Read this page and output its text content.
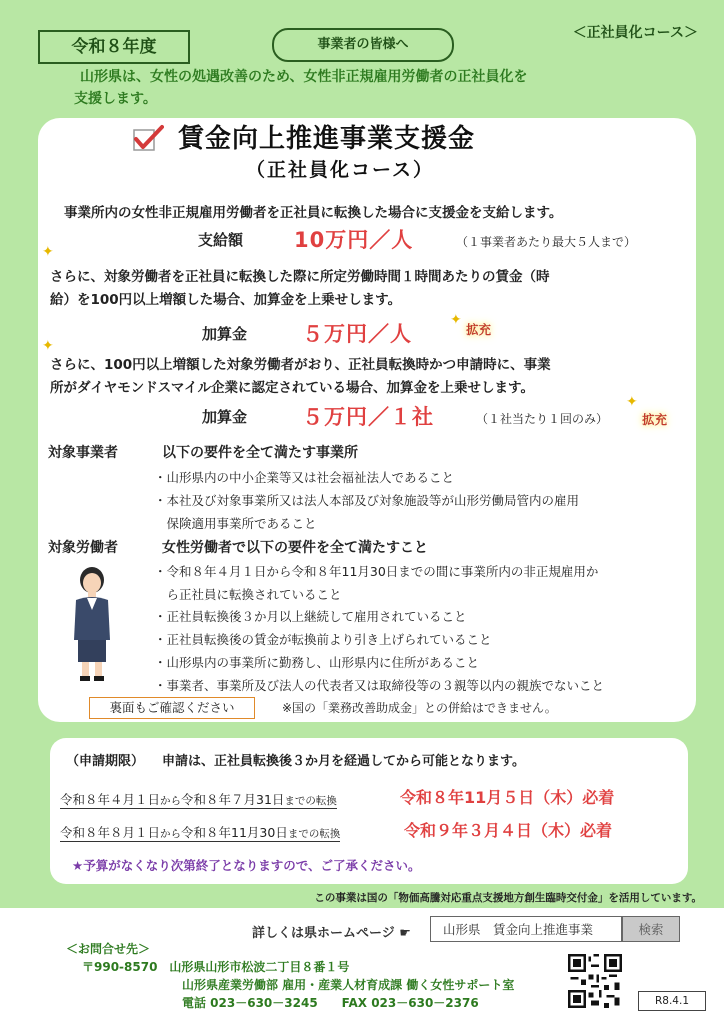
令和８年度	事業者の皆様へ
＜正社員化コース＞
山形県は、女性の処遇改善のため、女性非正規雇用労働者の正社員化を
支援します。
賃金向上推進事業支援金
（正社員化コース）
事業所内の女性非正規雇用労働者を正社員に転換した場合に支援金を支給します。
支給額 10万円／人	（１事業者あたり最大５人まで）
✦
さらに、対象労働者を正社員に転換した際に所定労働時間１時間あたりの賃金（時
給）を100円以上増額した場合、加算金を上乗せします。
加算金	５万円／人	拡充
✦
✦
さらに、100円以上増額した対象労働者がおり、正社員転換時かつ申請時に、事業
所がダイヤモンドスマイル企業に認定されている場合、加算金を上乗せします。
加算金	５万円／１社	（１社当たり１回のみ）
✦
拡充
対象事業者	以下の要件を全て満たす事業所
・山形県内の中小企業等又は社会福祉法人であること
・本社及び対象事業所又は法人本部及び対象施設等が山形労働局管内の雇用
　保険適用事業所であること
対象労働者	女性労働者で以下の要件を全て満たすこと
・令和８年４月１日から令和８年11月30日までの間に事業所内の非正規雇用か
　ら正社員に転換されていること
・正社員転換後３か月以上継続して雇用されていること
・正社員転換後の賃金が転換前より引き上げられていること
・山形県内の事業所に勤務し、山形県内に住所があること
・事業者、事業所及び法人の代表者又は取締役等の３親等以内の親族でないこと
裏面もご確認ください	※国の「業務改善助成金」との併給はできません。
（申請期限） 申請は、正社員転換後３か月を経過してから可能となります。
令和８年４月１日から令和８年７月31日までの転換	令和８年11月５日（木）必着
令和８年８月１日から令和８年11月30日までの転換	令和９年３月４日（木）必着
★予算がなくなり次第終了となりますので、ご了承ください。
この事業は国の「物価高騰対応重点支援地方創生臨時交付金」を活用しています。
詳しくは県ホームページ ☛	山形県　賃金向上推進事業	検索
＜お問合せ先＞
〒990-8570　山形県山形市松波二丁目８番１号
山形県産業労働部 雇用・産業人材育成課 働く女性サポート室
電話 023－630－3245　　FAX 023－630－2376	R8.4.1
